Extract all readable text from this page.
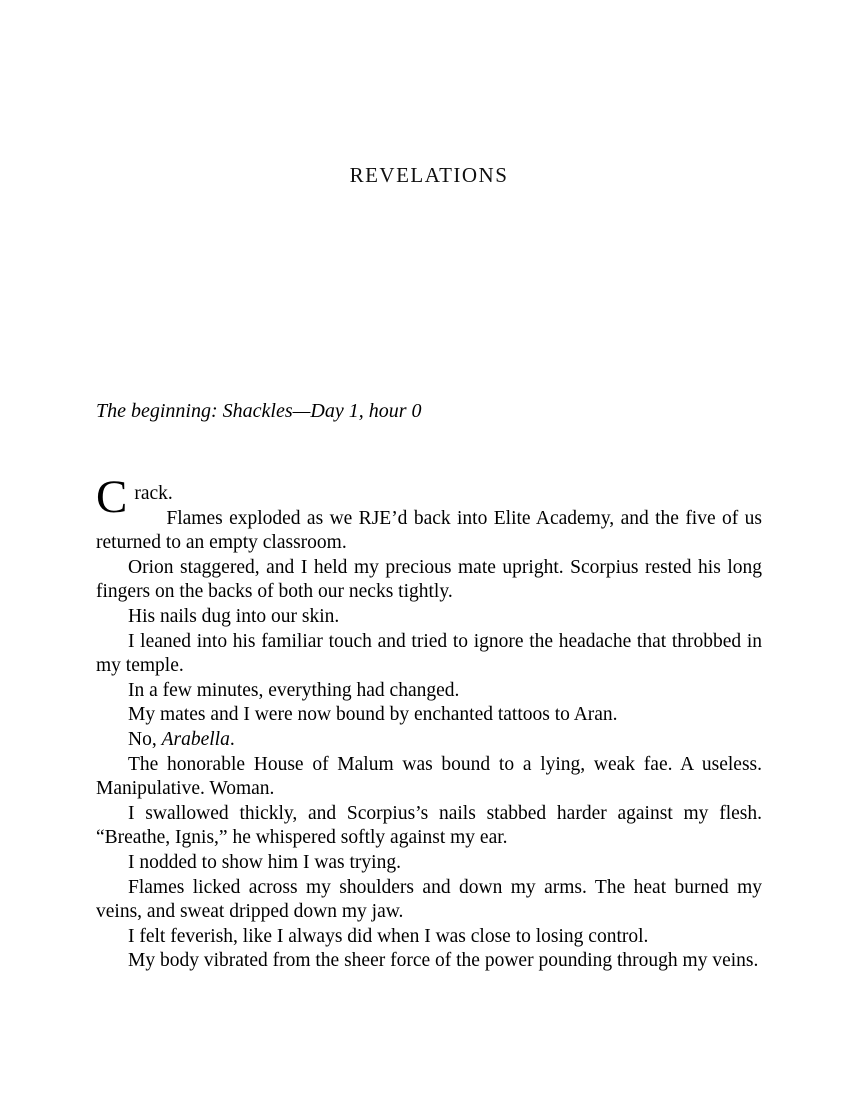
REVELATIONS

The beginning: Shackles—Day 1, hour 0

Crack.

Flames exploded as we RJE’d back into Elite Academy, and the five of us returned to an empty classroom.

Orion staggered, and I held my precious mate upright. Scorpius rested his long fingers on the backs of both our necks tightly.

His nails dug into our skin.

I leaned into his familiar touch and tried to ignore the headache that throbbed in my temple.

In a few minutes, everything had changed.

My mates and I were now bound by enchanted tattoos to Aran.

No, Arabella.

The honorable House of Malum was bound to a lying, weak fae. A useless. Manipulative. Woman.

I swallowed thickly, and Scorpius’s nails stabbed harder against my flesh. “Breathe, Ignis,” he whispered softly against my ear.

I nodded to show him I was trying.

Flames licked across my shoulders and down my arms. The heat burned my veins, and sweat dripped down my jaw.

I felt feverish, like I always did when I was close to losing control.

My body vibrated from the sheer force of the power pounding through my veins.
